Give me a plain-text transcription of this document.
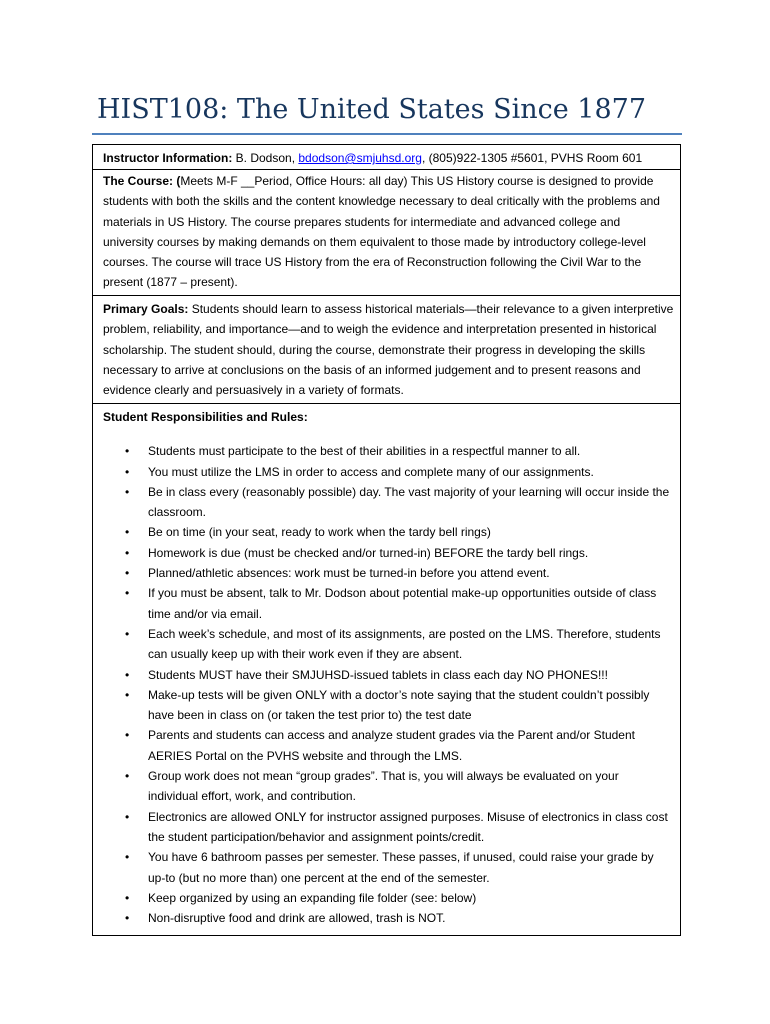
HIST108: The United States Since 1877
Instructor Information: B. Dodson, bdodson@smjuhsd.org, (805)922-1305 #5601, PVHS Room 601
The Course: (Meets M-F __Period, Office Hours: all day) This US History course is designed to provide students with both the skills and the content knowledge necessary to deal critically with the problems and materials in US History. The course prepares students for intermediate and advanced college and university courses by making demands on them equivalent to those made by introductory college-level courses. The course will trace US History from the era of Reconstruction following the Civil War to the present (1877 – present).
Primary Goals: Students should learn to assess historical materials—their relevance to a given interpretive problem, reliability, and importance—and to weigh the evidence and interpretation presented in historical scholarship. The student should, during the course, demonstrate their progress in developing the skills necessary to arrive at conclusions on the basis of an informed judgement and to present reasons and evidence clearly and persuasively in a variety of formats.
Student Responsibilities and Rules:
• Students must participate to the best of their abilities in a respectful manner to all.
• You must utilize the LMS in order to access and complete many of our assignments.
• Be in class every (reasonably possible) day. The vast majority of your learning will occur inside the classroom.
• Be on time (in your seat, ready to work when the tardy bell rings)
• Homework is due (must be checked and/or turned-in) BEFORE the tardy bell rings.
• Planned/athletic absences: work must be turned-in before you attend event.
• If you must be absent, talk to Mr. Dodson about potential make-up opportunities outside of class time and/or via email.
• Each week’s schedule, and most of its assignments, are posted on the LMS. Therefore, students can usually keep up with their work even if they are absent.
• Students MUST have their SMJUHSD-issued tablets in class each day NO PHONES!!!
• Make-up tests will be given ONLY with a doctor’s note saying that the student couldn’t possibly have been in class on (or taken the test prior to) the test date
• Parents and students can access and analyze student grades via the Parent and/or Student AERIES Portal on the PVHS website and through the LMS.
• Group work does not mean “group grades”. That is, you will always be evaluated on your individual effort, work, and contribution.
• Electronics are allowed ONLY for instructor assigned purposes. Misuse of electronics in class cost the student participation/behavior and assignment points/credit.
• You have 6 bathroom passes per semester. These passes, if unused, could raise your grade by up-to (but no more than) one percent at the end of the semester.
• Keep organized by using an expanding file folder (see: below)
• Non-disruptive food and drink are allowed, trash is NOT.
